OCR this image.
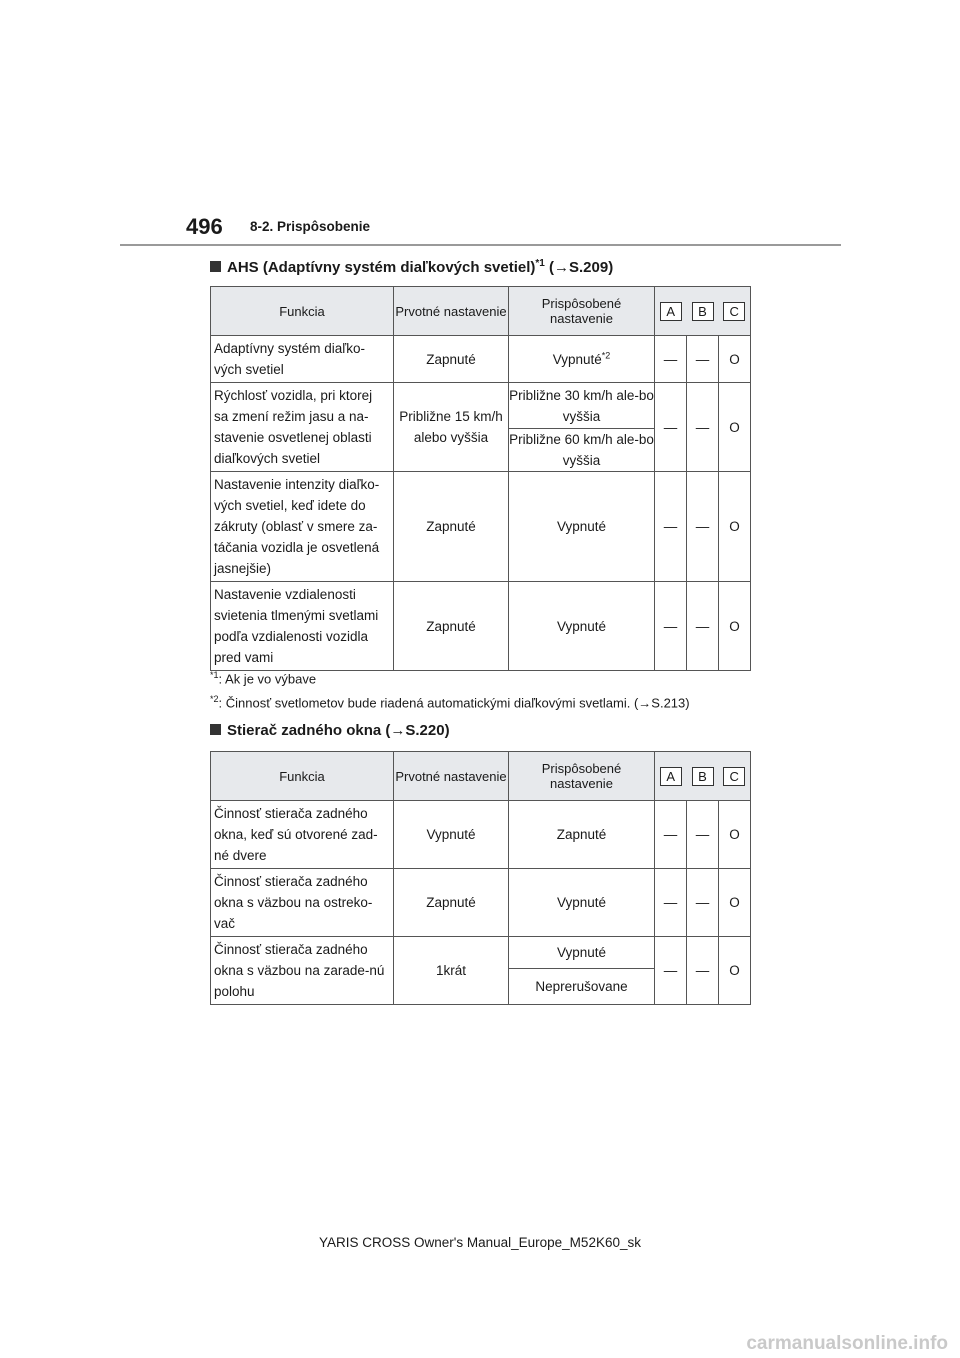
496 8-2. Prispôsobenie
AHS (Adaptívny systém diaľkových svetiel)$^{*1}$ (→S.209)
Funkcia	Prvotné nastavenie	Prispôsobené nastavenie	A	B	C
Adaptívny systém diaľko-vých svetiel	Zapnuté	Vypnuté$^{*2}$	—	—	O
Rýchlosť vozidla, pri ktorej sa zmení režim jasu a na-stavenie osvetlenej oblasti diaľkových svetiel	Približne 15 km/h alebo vyššia	Približne 30 km/h ale-bo vyššia	—	—	O
		Približne 60 km/h ale-bo vyššia			
Nastavenie intenzity diaľko-vých svetiel, keď idete do zákruty (oblasť v smere za-táčania vozidla je osvetlená jasnejšie)	Zapnuté	Vypnuté	—	—	O
Nastavenie vzdialenosti svietenia tlmenými svetlami podľa vzdialenosti vozidla pred vami	Zapnuté	Vypnuté	—	—	O
$^{*1}$: Ak je vo výbave
$^{*2}$: Činnosť svetlometov bude riadená automatickými diaľkovými svetlami. (→S.213)
Stierač zadného okna (→S.220)
Funkcia	Prvotné nastavenie	Prispôsobené nastavenie	A	B	C
Činnosť stierača zadného okna, keď sú otvorené zad-né dvere	Vypnuté	Zapnuté	—	—	O
Činnosť stierača zadného okna s väzbou na ostreko-vač	Zapnuté	Vypnuté	—	—	O
Činnosť stierača zadného okna s väzbou na zarade-nú polohu	1krát	Vypnuté	—	—	O
		Neprerušovane			
YARIS CROSS Owner's Manual_Europe_M52K60_sk
carmanualsonline.info
